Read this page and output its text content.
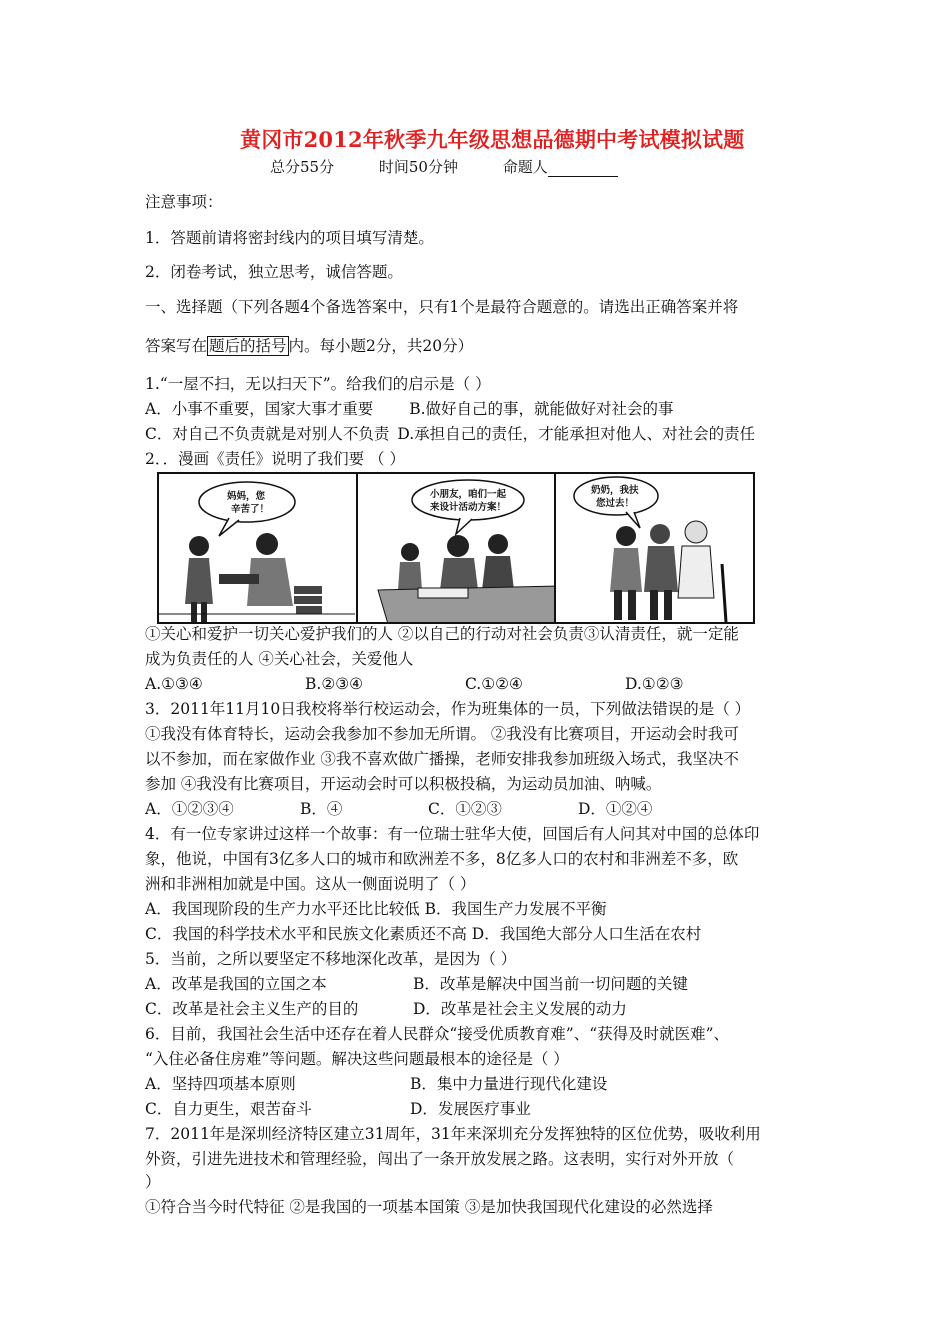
黄冈市2012年秋季九年级思想品德期中考试模拟试题
总分55分	时间50分钟	命题人
注意事项：
1．答题前请将密封线内的项目填写清楚。
2．闭卷考试，独立思考，诚信答题。
一、选择题（下列各题4个备选答案中，只有1个是最符合题意的。请选出正确答案并将
答案写在 题后的括号 内。每小题2分，共20分）
1.“一屋不扫，无以扫天下”。给我们的启示是（ ）
A．小事不重要，国家大事才重要 B.做好自己的事，就能做好对社会的事
C．对自己不负责就是对别人不负责 D.承担自己的责任，才能承担对他人、对社会的责任
2．．漫画《责任》说明了我们要 （ ）
妈妈，您
辛苦了！
小朋友，咱们一起
来设计活动方案！
奶奶，我扶
您过去！
①关心和爱护一切关心爱护我们的人 ②以自己的行动对社会负责③认清责任，就一定能
成为负责任的人 ④关心社会，关爱他人
A.①③④	B.②③④	C.①②④	D.①②③
3．2011年11月10日我校将举行校运动会，作为班集体的一员，下列做法错误的是（ ）
①我没有体育特长，运动会我参加不参加无所谓。 ②我没有比赛项目，开运动会时我可
以不参加，而在家做作业 ③我不喜欢做广播操，老师安排我参加班级入场式，我坚决不
参加 ④我没有比赛项目，开运动会时可以积极投稿，为运动员加油、呐喊。
A．①②③④	B．④	C．①②③	D．①②④
4．有一位专家讲过这样一个故事：有一位瑞士驻华大使，回国后有人问其对中国的总体印
象，他说，中国有3亿多人口的城市和欧洲差不多，8亿多人口的农村和非洲差不多，欧
洲和非洲相加就是中国。这从一侧面说明了（ ）
A．我国现阶段的生产力水平还比比较低 B．我国生产力发展不平衡
C．我国的科学技术水平和民族文化素质还不高 D．我国绝大部分人口生活在农村
5．当前，之所以要坚定不移地深化改革，是因为（ ）
A．改革是我国的立国之本	B．改革是解决中国当前一切问题的关键
C．改革是社会主义生产的目的	D．改革是社会主义发展的动力
6．目前，我国社会生活中还存在着人民群众“接受优质教育难”、“获得及时就医难”、
“入住必备住房难”等问题。解决这些问题最根本的途径是（ ）
A．坚持四项基本原则	B．集中力量进行现代化建设
C．自力更生，艰苦奋斗	D．发展医疗事业
7．2011年是深圳经济特区建立31周年，31年来深圳充分发挥独特的区位优势，吸收利用
外资，引进先进技术和管理经验，闯出了一条开放发展之路。这表明，实行对外开放（
）
①符合当今时代特征 ②是我国的一项基本国策 ③是加快我国现代化建设的必然选择
